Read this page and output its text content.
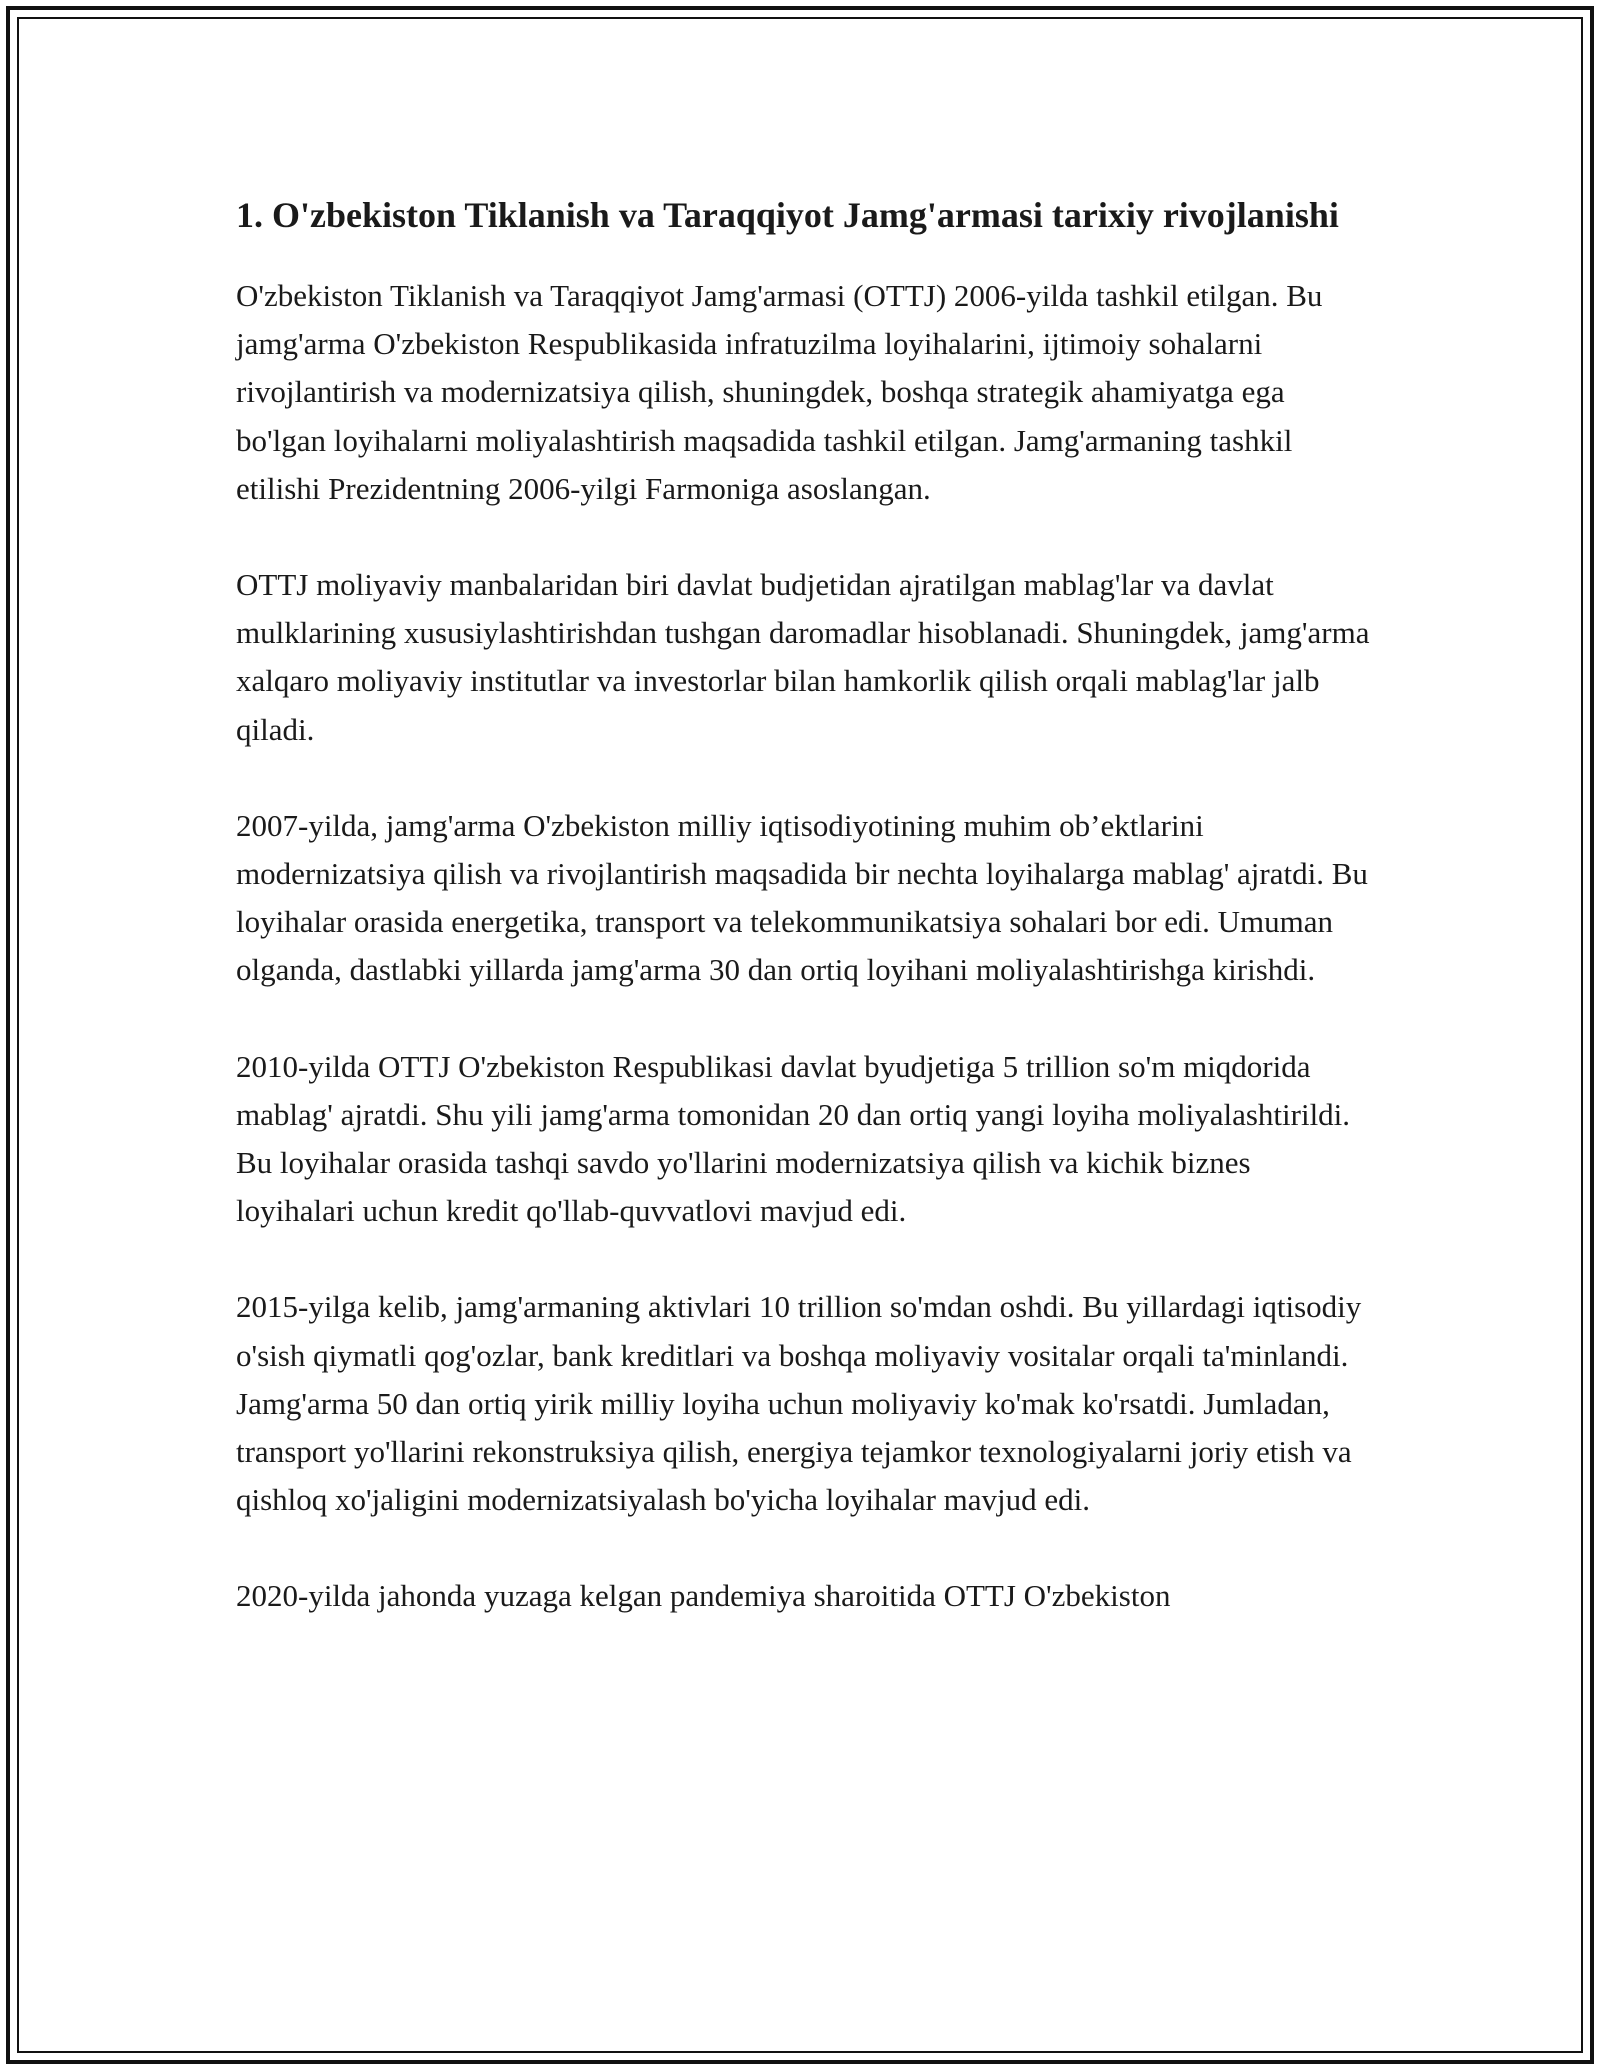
1. O'zbekiston Tiklanish va Taraqqiyot Jamg'armasi tarixiy rivojlanishi

O'zbekiston Tiklanish va Taraqqiyot Jamg'armasi (OTTJ) 2006-yilda tashkil etilgan. Bu jamg'arma O'zbekiston Respublikasida infratuzilma loyihalarini, ijtimoiy sohalarni rivojlantirish va modernizatsiya qilish, shuningdek, boshqa strategik ahamiyatga ega bo'lgan loyihalarni moliyalashtirish maqsadida tashkil etilgan. Jamg'armaning tashkil etilishi Prezidentning 2006-yilgi Farmoniga asoslangan.

OTTJ moliyaviy manbalaridan biri davlat budjetidan ajratilgan mablag'lar va davlat mulklarining xususiylashtirishdan tushgan daromadlar hisoblanadi. Shuningdek, jamg'arma xalqaro moliyaviy institutlar va investorlar bilan hamkorlik qilish orqali mablag'lar jalb qiladi.

2007-yilda, jamg'arma O'zbekiston milliy iqtisodiyotining muhim ob’ektlarini modernizatsiya qilish va rivojlantirish maqsadida bir nechta loyihalarga mablag' ajratdi. Bu loyihalar orasida energetika, transport va telekommunikatsiya sohalari bor edi. Umuman olganda, dastlabki yillarda jamg'arma 30 dan ortiq loyihani moliyalashtirishga kirishdi.

2010-yilda OTTJ O'zbekiston Respublikasi davlat byudjetiga 5 trillion so'm miqdorida mablag' ajratdi. Shu yili jamg'arma tomonidan 20 dan ortiq yangi loyiha moliyalashtirildi. Bu loyihalar orasida tashqi savdo yo'llarini modernizatsiya qilish va kichik biznes loyihalari uchun kredit qo'llab-quvvatlovi mavjud edi.

2015-yilga kelib, jamg'armaning aktivlari 10 trillion so'mdan oshdi. Bu yillardagi iqtisodiy o'sish qiymatli qog'ozlar, bank kreditlari va boshqa moliyaviy vositalar orqali ta'minlandi. Jamg'arma 50 dan ortiq yirik milliy loyiha uchun moliyaviy ko'mak ko'rsatdi. Jumladan, transport yo'llarini rekonstruksiya qilish, energiya tejamkor texnologiyalarni joriy etish va qishloq xo'jaligini modernizatsiyalash bo'yicha loyihalar mavjud edi.

2020-yilda jahonda yuzaga kelgan pandemiya sharoitida OTTJ O'zbekiston
